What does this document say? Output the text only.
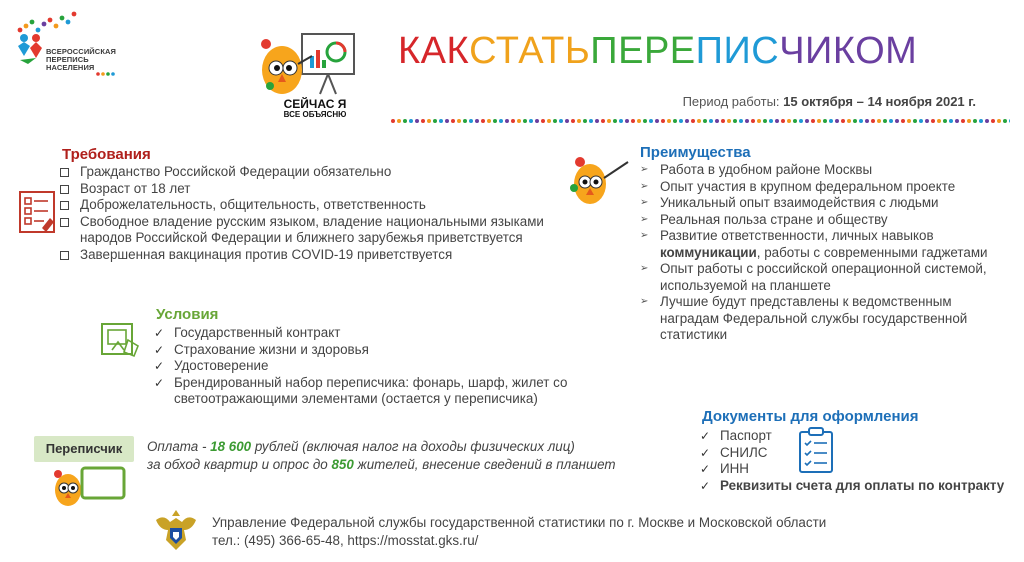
ВСЕРОССИЙСКАЯ
ПЕРЕПИСЬ
НАСЕЛЕНИЯ
СЕЙЧАС Я
ВСЕ ОБЪЯСНЮ
КАКСТАТЬПЕРЕПИСЧИКОМ
Период работы: 15 октября – 14 ноября 2021 г.
Требования
Гражданство Российской Федерации обязательно
Возраст от 18 лет
Доброжелательность, общительность, ответственность
Свободное владение русским языком, владение национальными языками народов Российской Федерации и ближнего зарубежья приветствуется
Завершенная вакцинация против COVID-19 приветствуется
Условия
✓ Государственный контракт
✓ Страхование жизни и здоровья
✓ Удостоверение
✓ Брендированный набор переписчика: фонарь, шарф, жилет со светоотражающими элементами (остается у переписчика)
Переписчик	Оплата - 18 600 рублей (включая налог на доходы физических лиц)
за обход квартир и опрос до 850 жителей, внесение сведений в планшет
Преимущества
➢ Работа в удобном районе Москвы
➢ Опыт участия в крупном федеральном проекте
➢ Уникальный опыт взаимодействия с людьми
➢ Реальная польза стране и обществу
➢ Развитие ответственности, личных навыков коммуникации, работы с современными гаджетами
➢ Опыт работы с российской операционной системой, используемой на планшете
➢ Лучшие будут представлены к ведомственным наградам Федеральной службы государственной статистики
Документы для оформления
✓ Паспорт
✓ СНИЛС
✓ ИНН
✓ Реквизиты счета для оплаты по контракту
Управление Федеральной службы государственной статистики по г. Москве и Московской области
тел.: (495) 366-65-48, https://mosstat.gks.ru/
